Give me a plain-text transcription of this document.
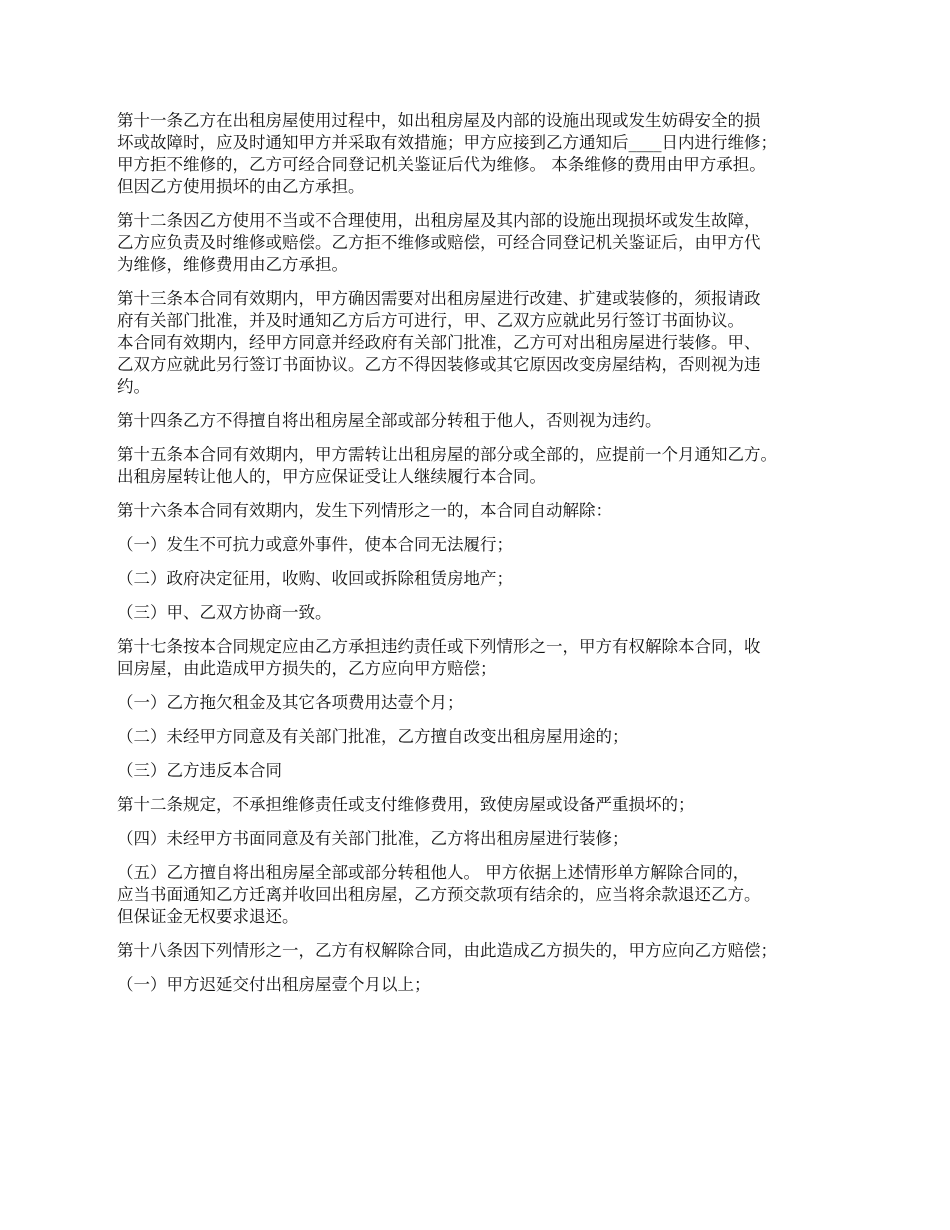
第十一条乙方在出租房屋使用过程中，如出租房屋及内部的设施出现或发生妨碍安全的损
坏或故障时，应及时通知甲方并采取有效措施；甲方应接到乙方通知后____日内进行维修；
甲方拒不维修的，乙方可经合同登记机关鉴证后代为维修。 本条维修的费用由甲方承担。
但因乙方使用损坏的由乙方承担。
第十二条因乙方使用不当或不合理使用，出租房屋及其内部的设施出现损坏或发生故障，
乙方应负责及时维修或赔偿。乙方拒不维修或赔偿，可经合同登记机关鉴证后，由甲方代
为维修，维修费用由乙方承担。
第十三条本合同有效期内，甲方确因需要对出租房屋进行改建、扩建或装修的，须报请政
府有关部门批准，并及时通知乙方后方可进行，甲、乙双方应就此另行签订书面协议。
本合同有效期内，经甲方同意并经政府有关部门批准，乙方可对出租房屋进行装修。甲、
乙双方应就此另行签订书面协议。乙方不得因装修或其它原因改变房屋结构，否则视为违
约。
第十四条乙方不得擅自将出租房屋全部或部分转租于他人，否则视为违约。
第十五条本合同有效期内，甲方需转让出租房屋的部分或全部的，应提前一个月通知乙方。
出租房屋转让他人的，甲方应保证受让人继续履行本合同。
第十六条本合同有效期内，发生下列情形之一的，本合同自动解除：
（一）发生不可抗力或意外事件，使本合同无法履行；
（二）政府决定征用，收购、收回或拆除租赁房地产；
（三）甲、乙双方协商一致。
第十七条按本合同规定应由乙方承担违约责任或下列情形之一，甲方有权解除本合同，收
回房屋，由此造成甲方损失的，乙方应向甲方赔偿；
（一）乙方拖欠租金及其它各项费用达壹个月；
（二）未经甲方同意及有关部门批准，乙方擅自改变出租房屋用途的；
（三）乙方违反本合同
第十二条规定，不承担维修责任或支付维修费用，致使房屋或设备严重损坏的；
（四）未经甲方书面同意及有关部门批准，乙方将出租房屋进行装修；
（五）乙方擅自将出租房屋全部或部分转租他人。 甲方依据上述情形单方解除合同的，
应当书面通知乙方迁离并收回出租房屋，乙方预交款项有结余的，应当将余款退还乙方。
但保证金无权要求退还。
第十八条因下列情形之一，乙方有权解除合同，由此造成乙方损失的，甲方应向乙方赔偿；
（一）甲方迟延交付出租房屋壹个月以上；
